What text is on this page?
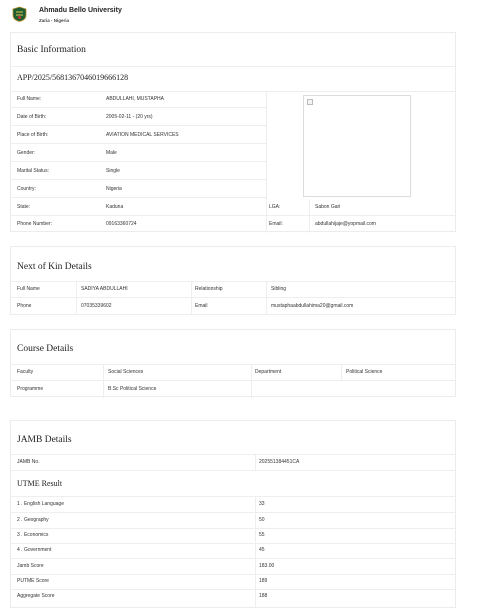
Ahmadu Bello University
Zaria - Nigeria
Basic Information
APP/2025/5681367046019666128
Full Name:	ABDULLAHI, MUSTAPHA
Date of Birth:	2005-02-11 - (20 yrs)
Place of Birth:	AVIATION MEDICAL SERVICES
Gender:	Male
Marital Status:	Single
Country:	Nigeria
State:	Kaduna	LGA:	Sabon Gari
Phone Number:	09163360724	Email:	abdullahijaje@yopmail.com
Next of Kin Details
Full Name	SADIYA ABDULLAHI	Relationship	Sibling
Phone	07035339602	Email	mustaphaabdullahima20@gmail.com
Course Details
Faculty	Social Sciences	Department	Political Science
Programme	B.Sc Political Science
JAMB Details
JAMB No.	202551384451CA
UTME Result
1 . English Language	33
2 . Geography	50
3 . Economics	55
4 . Government	45
Jamb Score	183.00
PUTME Score	189
Aggregate Score	188
